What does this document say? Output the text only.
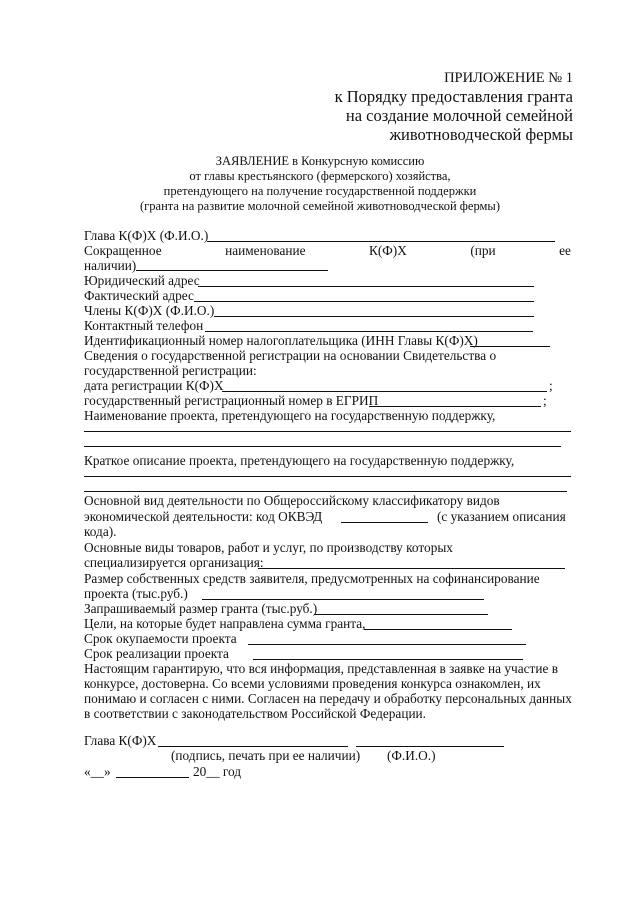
ПРИЛОЖЕНИЕ № 1

к Порядку предоставления гранта

на создание молочной семейной

животноводческой фермы

ЗАЯВЛЕНИЕ в Конкурсную комиссию

от главы крестьянского (фермерского) хозяйства,

претендующего на получение государственной поддержки

(гранта на развитие молочной семейной животноводческой фермы)

Глава К(Ф)Х (Ф.И.О.)

Сокращенное	наименование	К(Ф)Х	(при	ее

наличии)

Юридический адрес

Фактический адрес

Члены К(Ф)Х (Ф.И.О.)

Контактный телефон

Идентификационный номер налогоплательщика (ИНН Главы К(Ф)Х)

Сведения о государственной регистрации на основании Свидетельства о

государственной регистрации:

дата регистрации К(Ф)Х	;

государственный регистрационный номер в ЕГРИП	;

Наименование проекта, претендующего на государственную поддержку,

Краткое описание проекта, претендующего на государственную поддержку,

Основной вид деятельности по Общероссийскому классификатору видов

экономической деятельности: код ОКВЭД	(с указанием описания

кода).

Основные виды товаров, работ и услуг, по производству которых

специализируется организация:

Размер собственных средств заявителя, предусмотренных на софинансирование

проекта (тыс.руб.)

Запрашиваемый размер гранта (тыс.руб.)

Цели, на которые будет направлена сумма гранта,

Срок окупаемости проекта

Срок реализации проекта

Настоящим гарантирую, что вся информация, представленная в заявке на участие в

конкурсе, достоверна. Со всеми условиями проведения конкурса ознакомлен, их

понимаю и согласен с ними. Согласен на передачу и обработку персональных данных

в соответствии с законодательством Российской Федерации.

Глава К(Ф)Х

(подпись, печать при ее наличии) (Ф.И.О.)

«__»	20__ год
